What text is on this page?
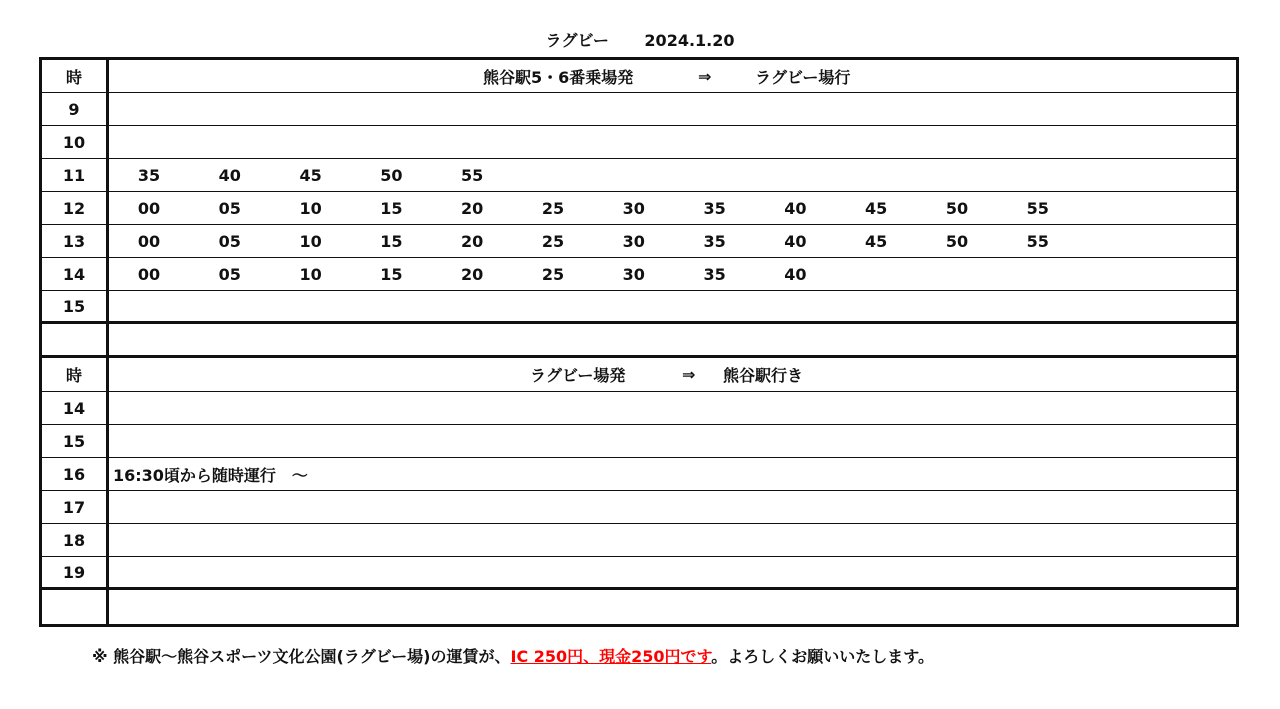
ラグビー 2024.1.20
時	熊谷駅5・6番乗場発	⇒	ラグビー場行
9
10
11	35	40	45	50	55
12	00	05	10	15	20	25	30	35	40	45	50	55
13	00	05	10	15	20	25	30	35	40	45	50	55
14	00	05	10	15	20	25	30	35	40
15
時	ラグビー場発	⇒ 熊谷駅行き
14
15
16	16:30頃から随時運行　～
17
18
19
※ 熊谷駅～熊谷スポーツ文化公園(ラグビー場)の運賃が、IC 250円、現金250円です。よろしくお願いいたします。
